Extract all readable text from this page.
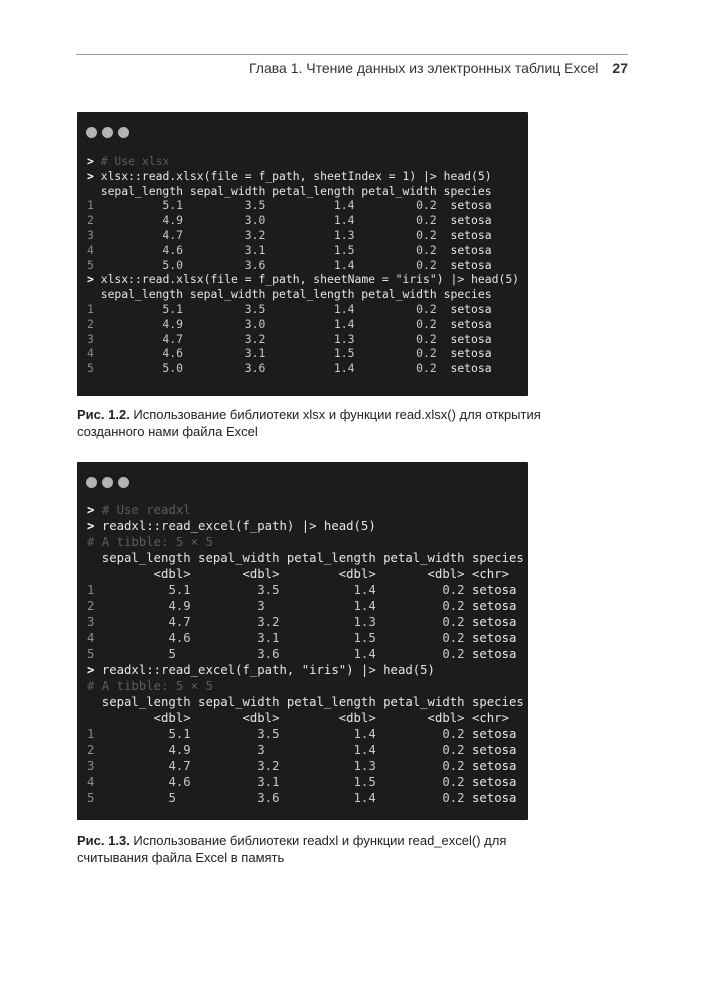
Глава 1. Чтение данных из электронных таблиц Excel 27
> # Use xlsx
> xlsx::read.xlsx(file = f_path, sheetIndex = 1) |> head(5)
sepal_length sepal_width petal_length petal_width species
1          5.1         3.5          1.4         0.2  setosa
2          4.9         3.0          1.4         0.2  setosa
3          4.7         3.2          1.3         0.2  setosa
4          4.6         3.1          1.5         0.2  setosa
5          5.0         3.6          1.4         0.2  setosa
> xlsx::read.xlsx(file = f_path, sheetName = "iris") |> head(5)
sepal_length sepal_width petal_length petal_width species
1          5.1         3.5          1.4         0.2  setosa
2          4.9         3.0          1.4         0.2  setosa
3          4.7         3.2          1.3         0.2  setosa
4          4.6         3.1          1.5         0.2  setosa
5          5.0         3.6          1.4         0.2  setosa
Рис. 1.2. Использование библиотеки xlsx и функции read.xlsx() для открытия созданного нами файла Excel
> # Use readxl
> readxl::read_excel(f_path) |> head(5)
# A tibble: 5 × 5
sepal_length sepal_width petal_length petal_width species
<dbl>       <dbl>        <dbl>       <dbl> <chr>
1          5.1         3.5          1.4         0.2 setosa
2          4.9         3            1.4         0.2 setosa
3          4.7         3.2          1.3         0.2 setosa
4          4.6         3.1          1.5         0.2 setosa
5          5           3.6          1.4         0.2 setosa
> readxl::read_excel(f_path, "iris") |> head(5)
# A tibble: 5 × 5
sepal_length sepal_width petal_length petal_width species
<dbl>       <dbl>        <dbl>       <dbl> <chr>
1          5.1         3.5          1.4         0.2 setosa
2          4.9         3            1.4         0.2 setosa
3          4.7         3.2          1.3         0.2 setosa
4          4.6         3.1          1.5         0.2 setosa
5          5           3.6          1.4         0.2 setosa
Рис. 1.3. Использование библиотеки readxl и функции read_excel() для считывания файла Excel в память
